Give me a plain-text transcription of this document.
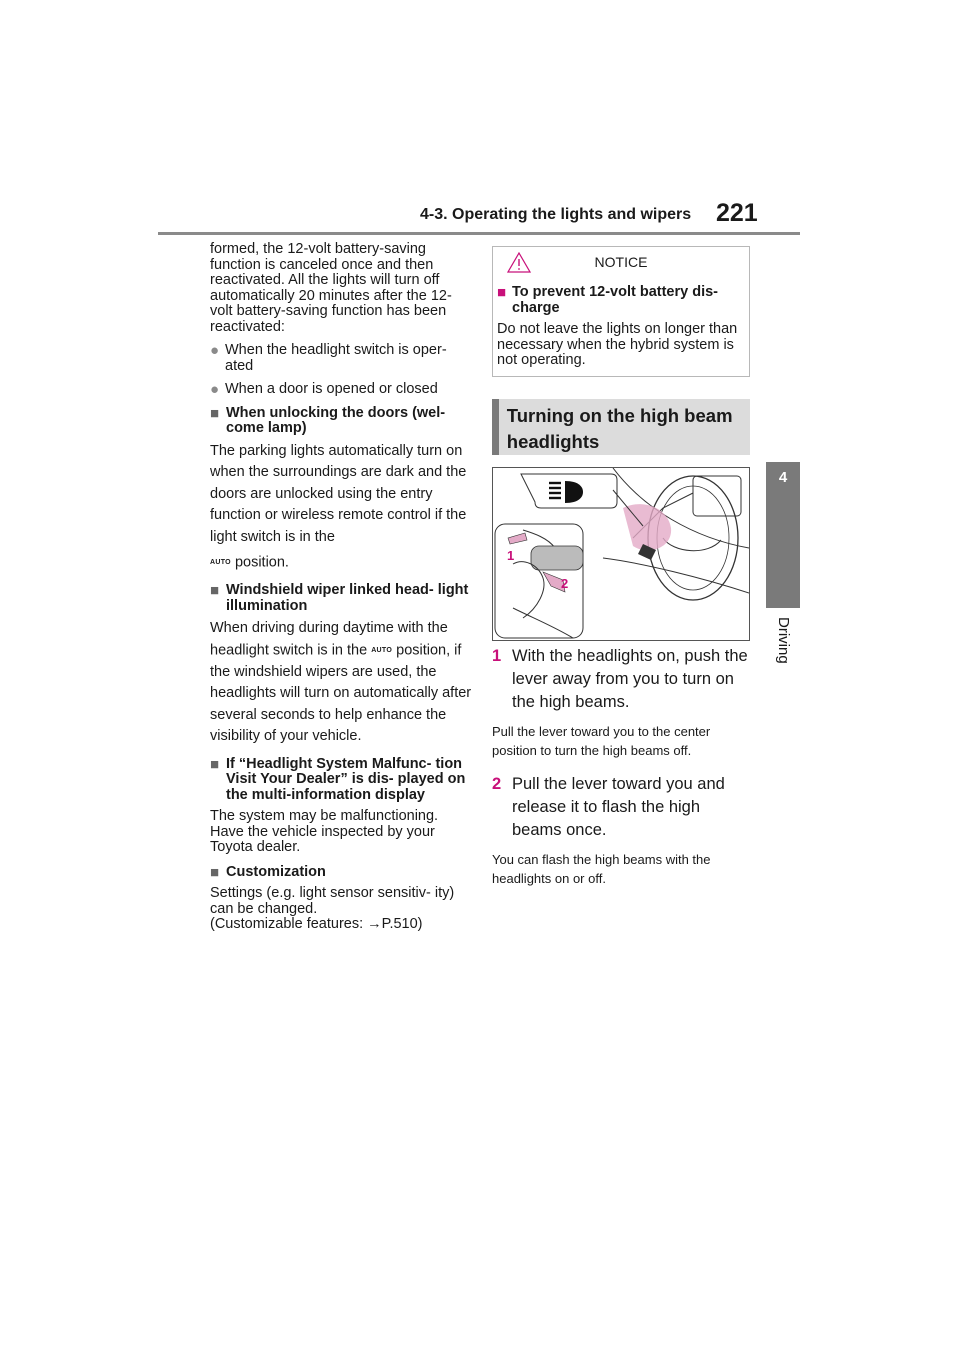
4-3. Operating the lights and wipers 221
4
Driving

formed, the 12-volt battery-saving function is canceled once and then reactivated. All the lights will turn off automatically 20 minutes after the 12-volt battery-saving function has been reactivated:

● When the headlight switch is oper- ated
● When a door is opened or closed
■ When unlocking the doors (wel- come lamp)

The parking lights automatically turn on when the surroundings are dark and the doors are unlocked using the entry function or wireless remote control if the light switch is in the

AUTO position.

■ Windshield wiper linked head- light illumination

When driving during daytime with the headlight switch is in the AUTO position, if the windshield wipers are used, the headlights will turn on automatically after several seconds to help enhance the visibility of your vehicle.

■ If “Headlight System Malfunc- tion Visit Your Dealer” is dis- played on the multi-information display

The system may be malfunctioning. Have the vehicle inspected by your Toyota dealer.

■ Customization

Settings (e.g. light sensor sensitiv- ity) can be changed.

(Customizable features: →P.510)

NOTICE
■ To prevent 12-volt battery dis- charge

Do not leave the lights on longer than necessary when the hybrid system is not operating.

Turning on the high beam headlights
1
2
1 With the headlights on, push the lever away from you to turn on the high beams.

Pull the lever toward you to the center position to turn the high beams off.

2 Pull the lever toward you and release it to flash the high beams once.

You can flash the high beams with the headlights on or off.
